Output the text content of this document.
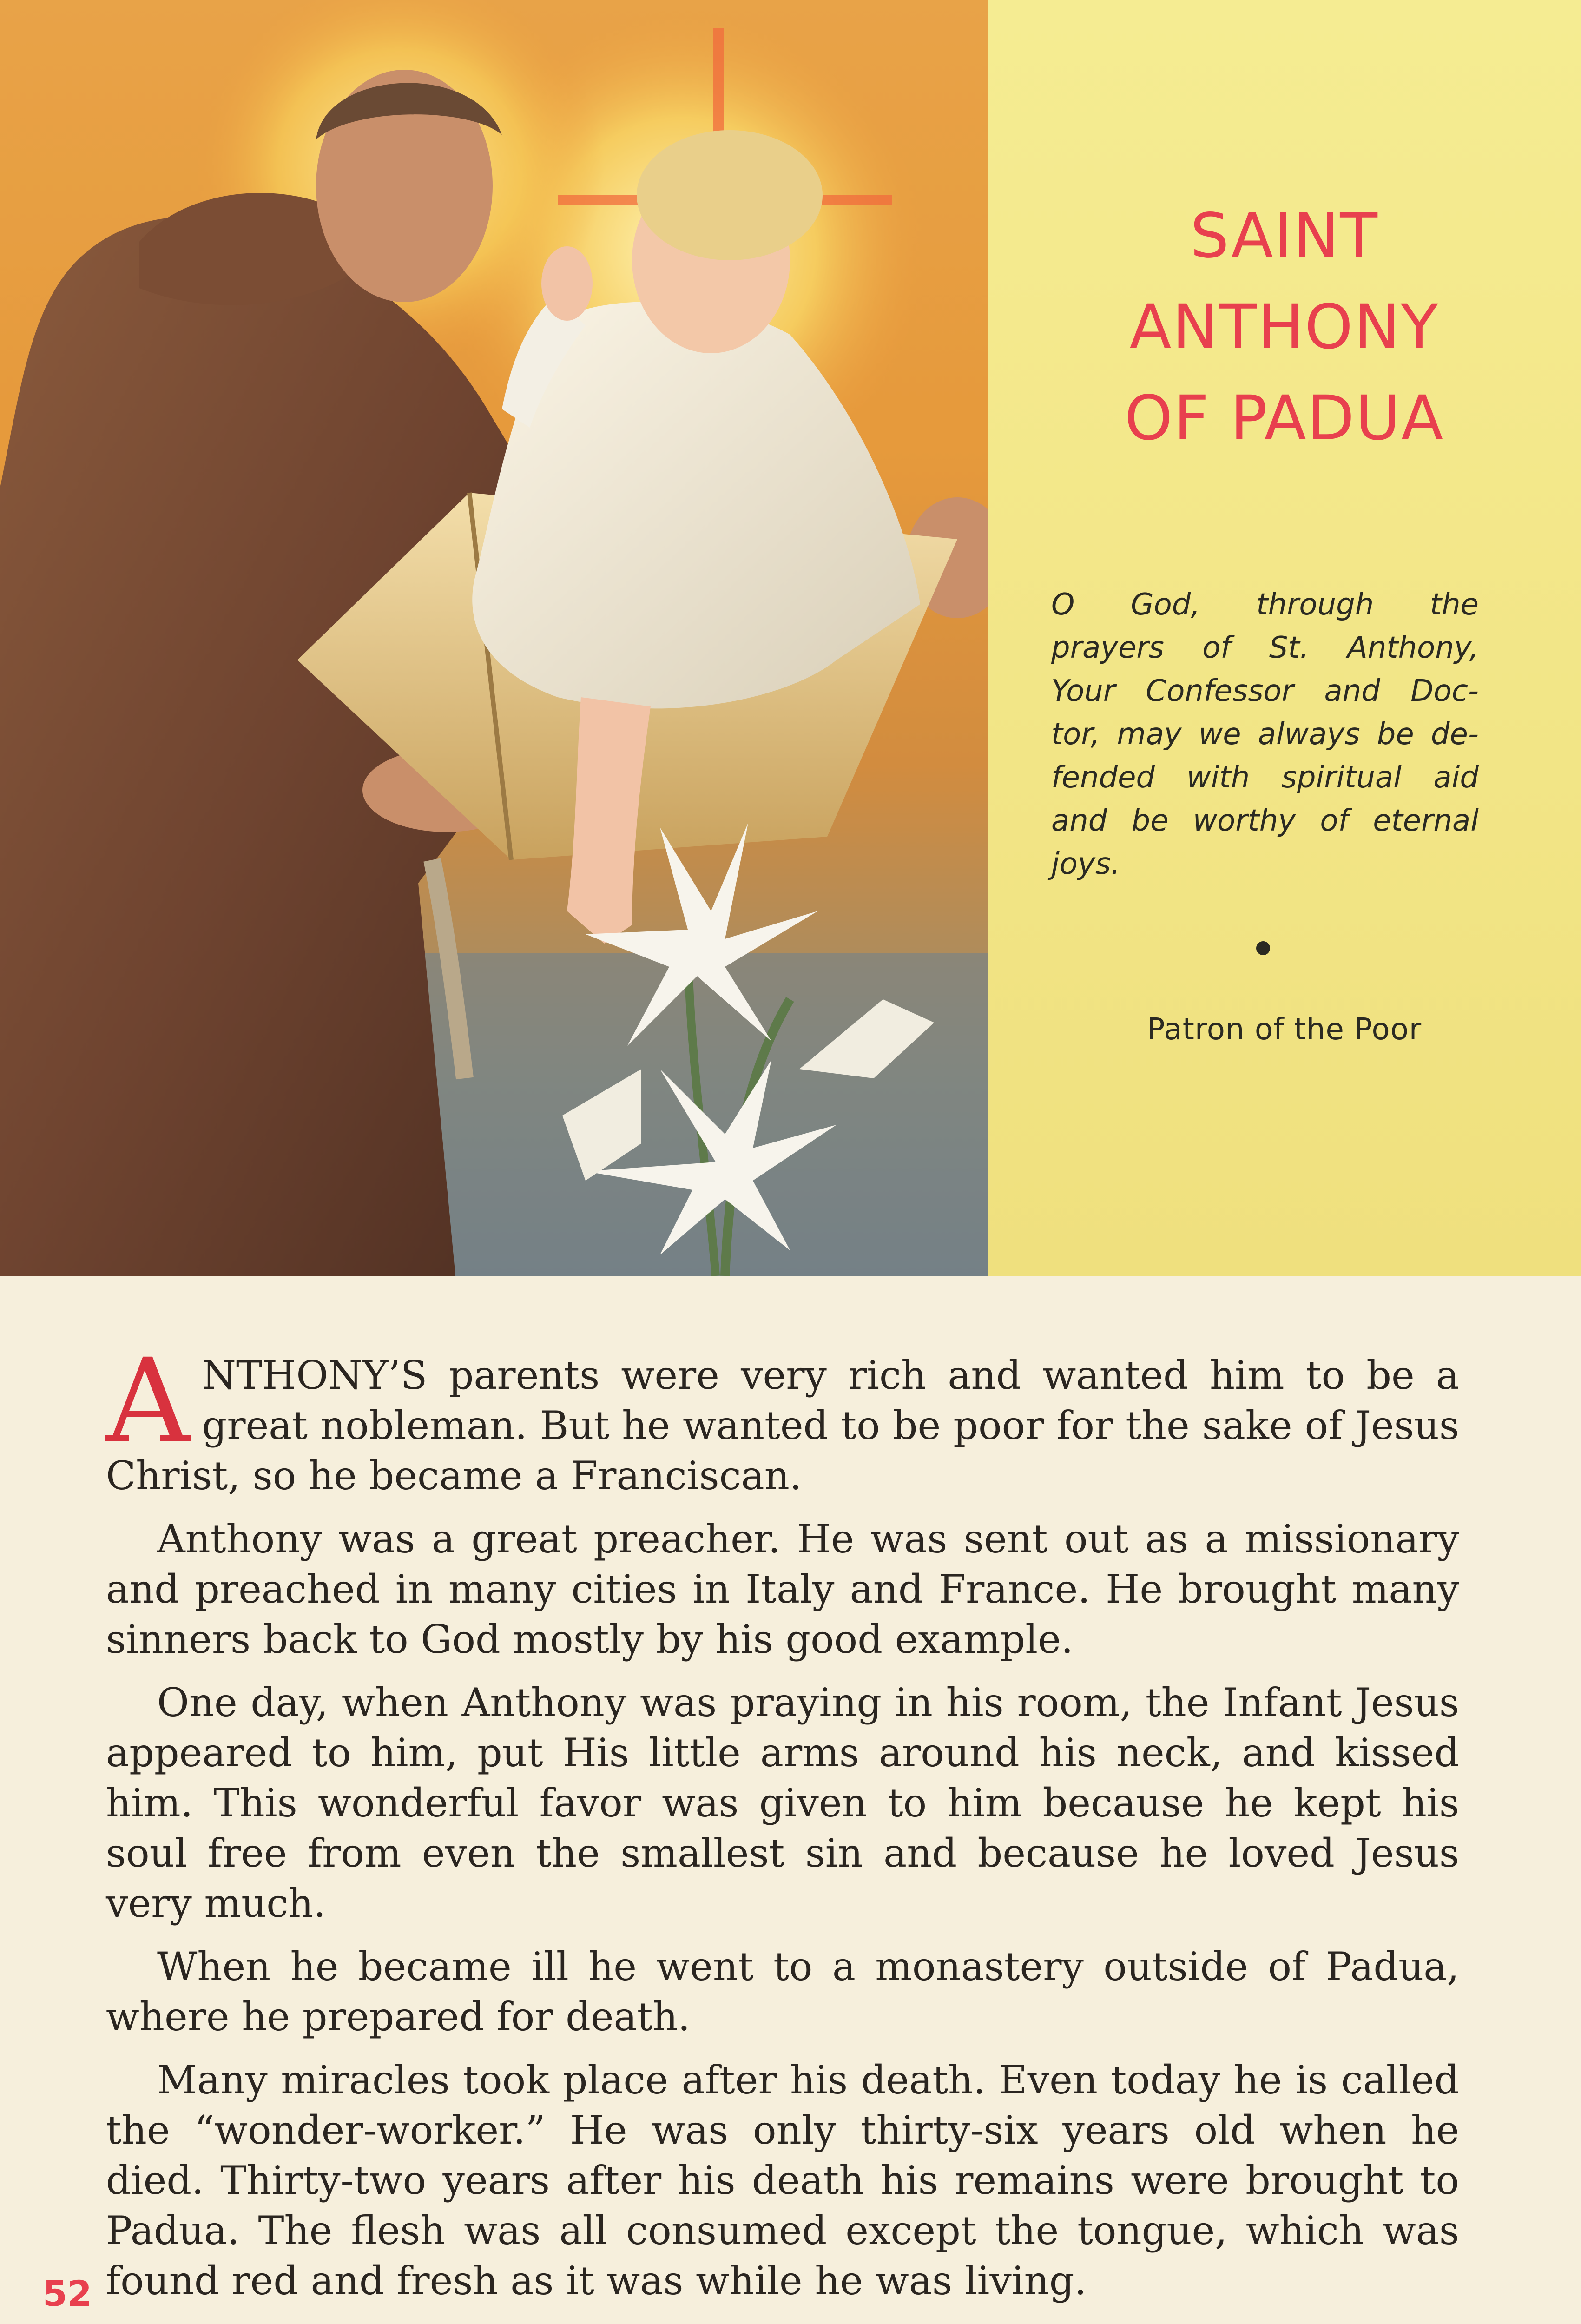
SAINT
ANTHONY
OF PADUA
O God, through the
prayers of St. Anthony,
Your Confessor and Doc-
tor, may we always be de-
fended with spiritual aid
and be worthy of eternal
joys.

Patron of the Poor

ANTHONY’S parents were very rich and wanted him to be a great nobleman. But he wanted to be poor for the sake of Jesus Christ, so he became a Franciscan.

Anthony was a great preacher. He was sent out as a missionary and preached in many cities in Italy and France. He brought many sinners back to God mostly by his good example.

One day, when Anthony was praying in his room, the Infant Jesus appeared to him, put His little arms around his neck, and kissed him. This wonderful favor was given to him because he kept his soul free from even the smallest sin and because he loved Jesus very much.

When he became ill he went to a monastery outside of Padua, where he prepared for death.

Many miracles took place after his death. Even today he is called the “wonder-worker.” He was only thirty-six years old when he died. Thirty-two years after his death his remains were brought to Padua. The flesh was all consumed except the tongue, which was found red and fresh as it was while he was living.

52
